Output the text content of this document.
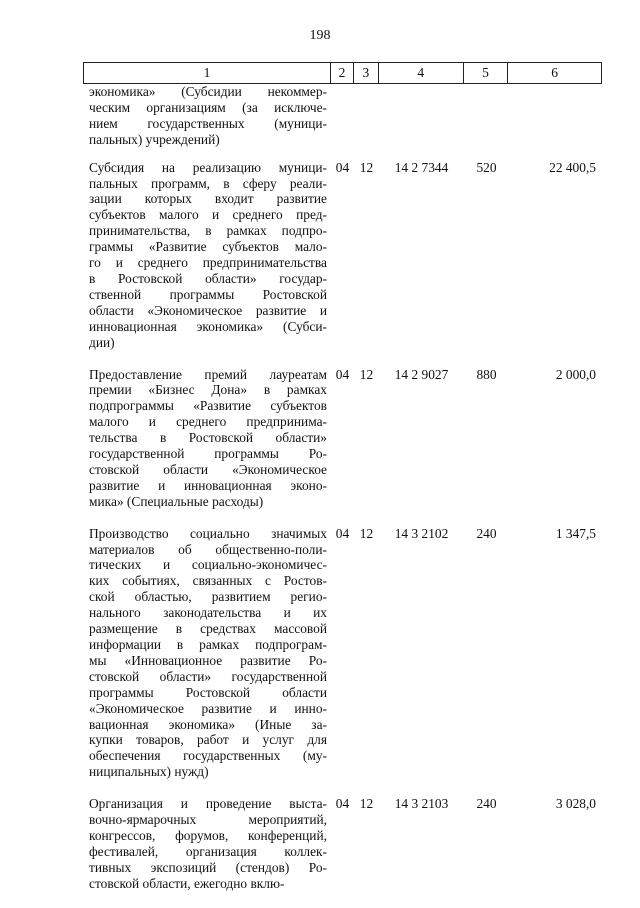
198
1	2	3	4	5	6
экономика» (Субсидии некоммер-
ческим организациям (за исключе-
нием государственных (муници-
пальных) учреждений)
Субсидия на реализацию муници-
пальных программ, в сферу реали-
зации которых входит развитие
субъектов малого и среднего пред-
принимательства, в рамках подпро-
граммы «Развитие субъектов мало-
го и среднего предпринимательства
в Ростовской области» государ-
ственной программы Ростовской
области «Экономическое развитие и
инновационная экономика» (Субси-
дии)
04 12	14 2 7344	520	22 400,5
Предоставление премий лауреатам
премии «Бизнес Дона» в рамках
подпрограммы «Развитие субъектов
малого и среднего предпринима-
тельства в Ростовской области»
государственной программы Ро-
стовской области «Экономическое
развитие и инновационная эконо-
мика» (Специальные расходы)
04 12	14 2 9027	880	2 000,0
Производство социально значимых
материалов об общественно-поли-
тических и социально-экономичес-
ких событиях, связанных с Ростов-
ской областью, развитием регио-
нального законодательства и их
размещение в средствах массовой
информации в рамках подпрограм-
мы «Инновационное развитие Ро-
стовской области» государственной
программы Ростовской области
«Экономическое развитие и инно-
вационная экономика» (Иные за-
купки товаров, работ и услуг для
обеспечения государственных (му-
ниципальных) нужд)
04 12	14 3 2102	240	1 347,5
Организация и проведение выста-
вочно-ярмарочных мероприятий,
конгрессов, форумов, конференций,
фестивалей, организация коллек-
тивных экспозиций (стендов) Ро-
стовской области, ежегодно вклю-
04 12	14 3 2103	240	3 028,0
